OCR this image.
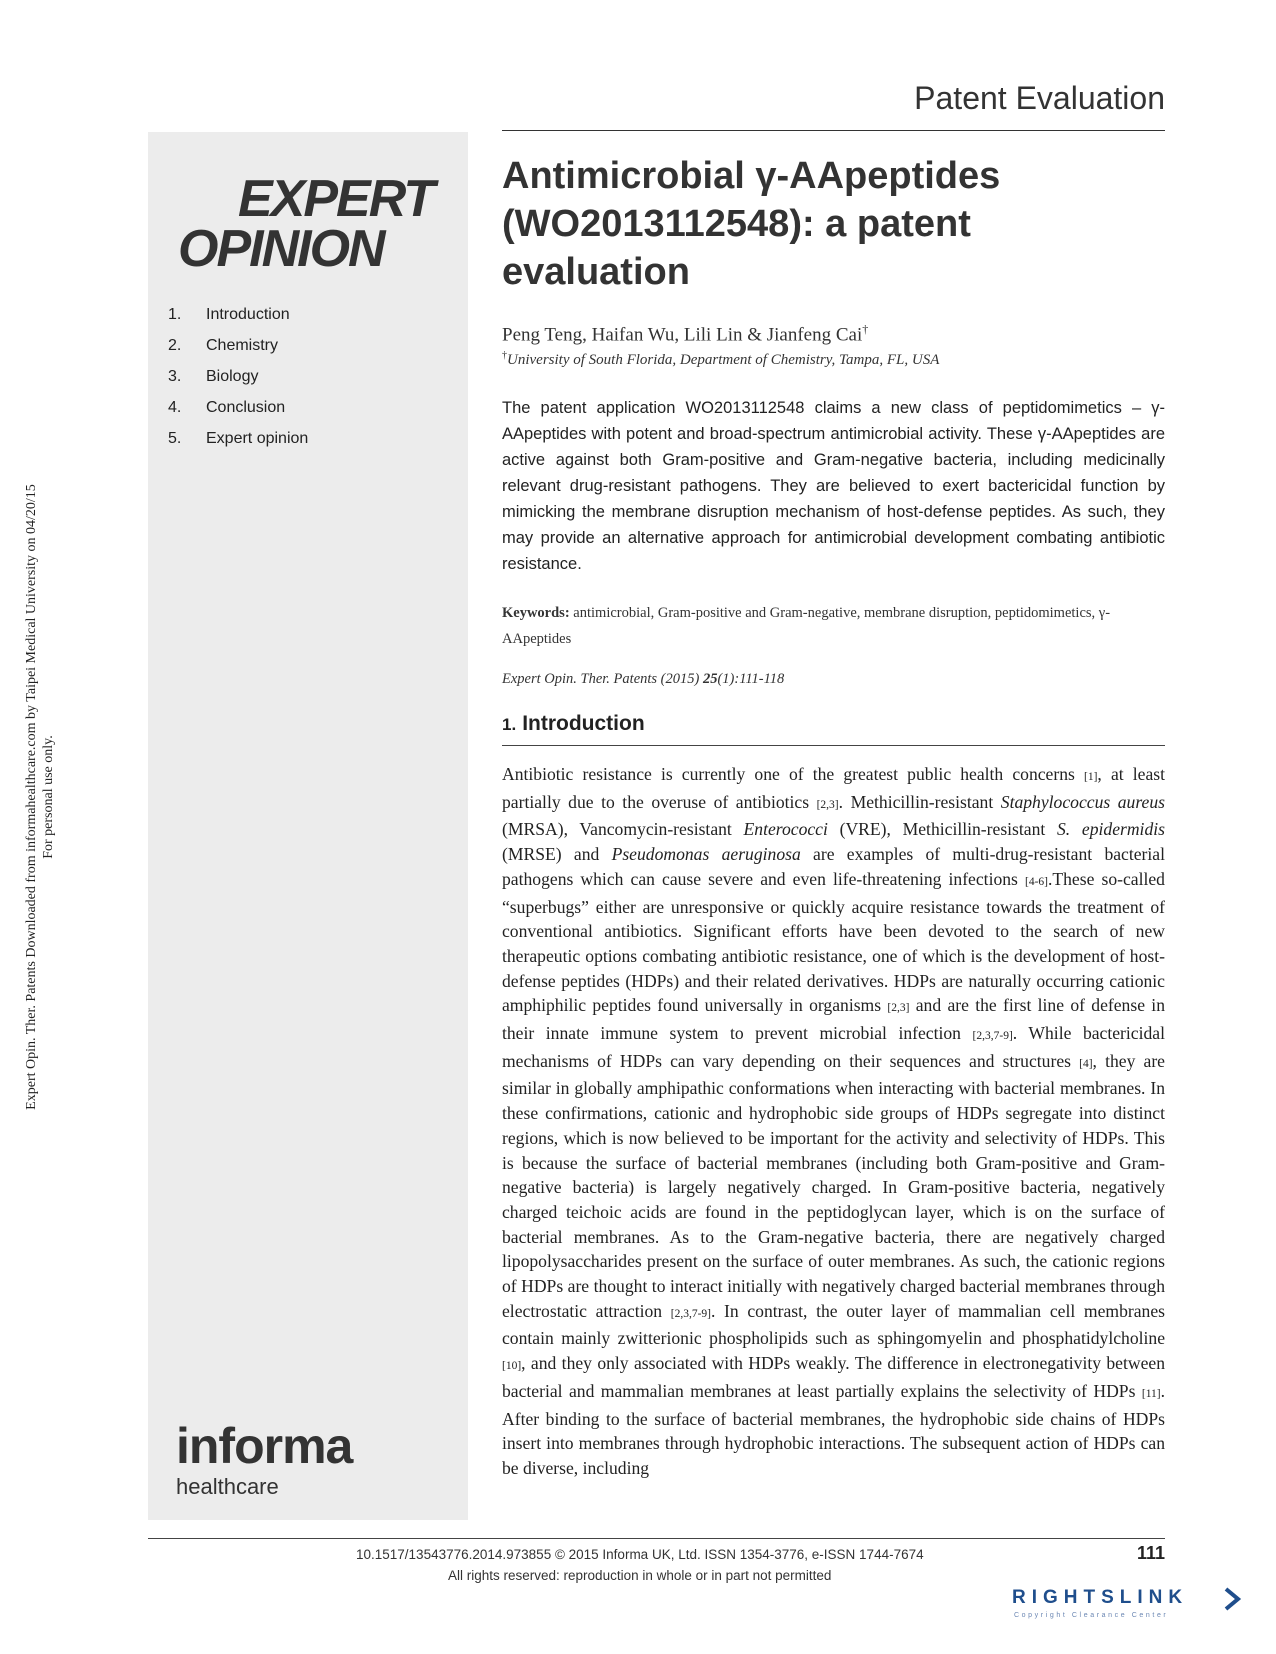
Expert Opin. Ther. Patents Downloaded from informahealthcare.com by Taipei Medical University on 04/20/15 For personal use only.
Patent Evaluation
EXPERT
OPINION
1.	Introduction
2.	Chemistry
3.	Biology
4.	Conclusion
5.	Expert opinion
informa
healthcare
Antimicrobial γ-AApeptides (WO2013112548): a patent evaluation
Peng Teng, Haifan Wu, Lili Lin & Jianfeng Cai†
†University of South Florida, Department of Chemistry, Tampa, FL, USA

The patent application WO2013112548 claims a new class of peptidomimetics – γ-AApeptides with potent and broad-spectrum antimicrobial activity. These γ-AApeptides are active against both Gram-positive and Gram-negative bacteria, including medicinally relevant drug-resistant pathogens. They are believed to exert bactericidal function by mimicking the membrane disruption mechanism of host-defense peptides. As such, they may provide an alternative approach for antimicrobial development combating antibiotic resistance.

Keywords: antimicrobial, Gram-positive and Gram-negative, membrane disruption, peptidomimetics, γ-AApeptides

Expert Opin. Ther. Patents (2015) 25(1):111-118
1. Introduction

Antibiotic resistance is currently one of the greatest public health concerns [1], at least partially due to the overuse of antibiotics [2,3]. Methicillin-resistant Staphylococcus aureus (MRSA), Vancomycin-resistant Enterococci (VRE), Methicillin-resistant S. epidermidis (MRSE) and Pseudomonas aeruginosa are examples of multi-drug-resistant bacterial pathogens which can cause severe and even life-threatening infections [4-6].These so-called “superbugs” either are unresponsive or quickly acquire resistance towards the treatment of conventional antibiotics. Significant efforts have been devoted to the search of new therapeutic options combating antibiotic resistance, one of which is the development of host-defense peptides (HDPs) and their related derivatives. HDPs are naturally occurring cationic amphiphilic peptides found universally in organisms [2,3] and are the first line of defense in their innate immune system to prevent microbial infection [2,3,7-9]. While bactericidal mechanisms of HDPs can vary depending on their sequences and structures [4], they are similar in globally amphipathic conformations when interacting with bacterial membranes. In these confirmations, cationic and hydrophobic side groups of HDPs segregate into distinct regions, which is now believed to be important for the activity and selectivity of HDPs. This is because the surface of bacterial membranes (including both Gram-positive and Gram-negative bacteria) is largely negatively charged. In Gram-positive bacteria, negatively charged teichoic acids are found in the peptidoglycan layer, which is on the surface of bacterial membranes. As to the Gram-negative bacteria, there are negatively charged lipopolysaccharides present on the surface of outer membranes. As such, the cationic regions of HDPs are thought to interact initially with negatively charged bacterial membranes through electrostatic attraction [2,3,7-9]. In contrast, the outer layer of mammalian cell membranes contain mainly zwitterionic phospholipids such as sphingomyelin and phosphatidylcholine [10], and they only associated with HDPs weakly. The difference in electronegativity between bacterial and mammalian membranes at least partially explains the selectivity of HDPs [11]. After binding to the surface of bacterial membranes, the hydrophobic side chains of HDPs insert into membranes through hydrophobic interactions. The subsequent action of HDPs can be diverse, including

10.1517/13543776.2014.973855 © 2015 Informa UK, Ltd. ISSN 1354-3776, e-ISSN 1744-7674
All rights reserved: reproduction in whole or in part not permitted
111
RIGHTSLINK
Copyright Clearance Center
